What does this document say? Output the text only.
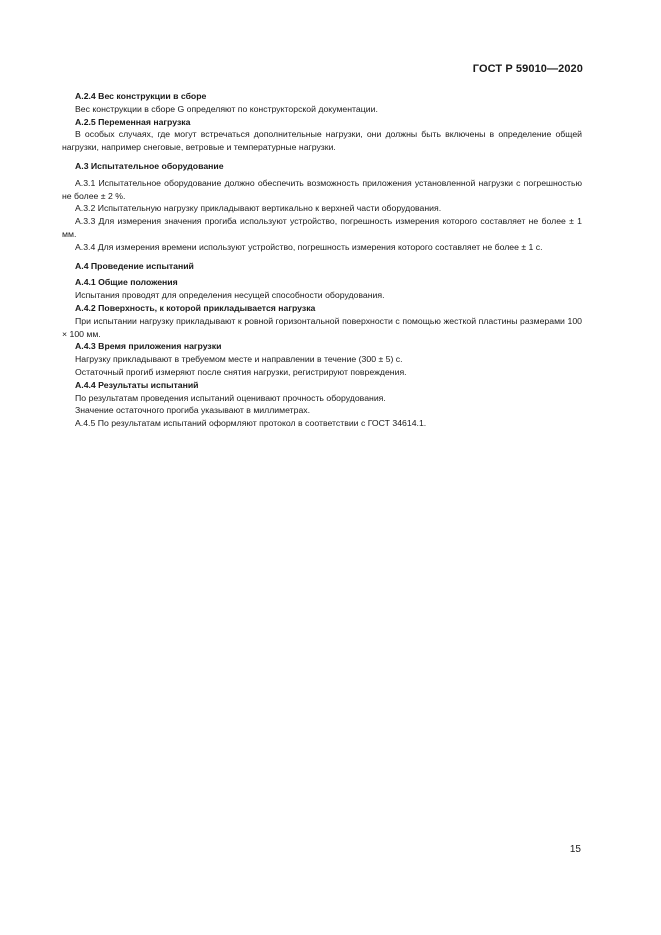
ГОСТ Р 59010—2020

А.2.4 Вес конструкции в сборе

Вес конструкции в сборе G определяют по конструкторской документации.

А.2.5 Переменная нагрузка

В особых случаях, где могут встречаться дополнительные нагрузки, они должны быть включены в определение общей нагрузки, например снеговые, ветровые и температурные нагрузки.

А.3 Испытательное оборудование

А.3.1 Испытательное оборудование должно обеспечить возможность приложения установленной нагрузки с погрешностью не более ± 2 %.

А.3.2 Испытательную нагрузку прикладывают вертикально к верхней части оборудования.

А.3.3 Для измерения значения прогиба используют устройство, погрешность измерения которого составляет не более ± 1 мм.

А.3.4 Для измерения времени используют устройство, погрешность измерения которого составляет не более ± 1 с.

А.4 Проведение испытаний

А.4.1 Общие положения

Испытания проводят для определения несущей способности оборудования.

А.4.2 Поверхность, к которой прикладывается нагрузка

При испытании нагрузку прикладывают к ровной горизонтальной поверхности с помощью жесткой пластины размерами 100 × 100 мм.

А.4.3 Время приложения нагрузки

Нагрузку прикладывают в требуемом месте и направлении в течение (300 ± 5) с.

Остаточный прогиб измеряют после снятия нагрузки, регистрируют повреждения.

А.4.4 Результаты испытаний

По результатам проведения испытаний оценивают прочность оборудования.

Значение остаточного прогиба указывают в миллиметрах.

А.4.5 По результатам испытаний оформляют протокол в соответствии с ГОСТ 34614.1.

15
